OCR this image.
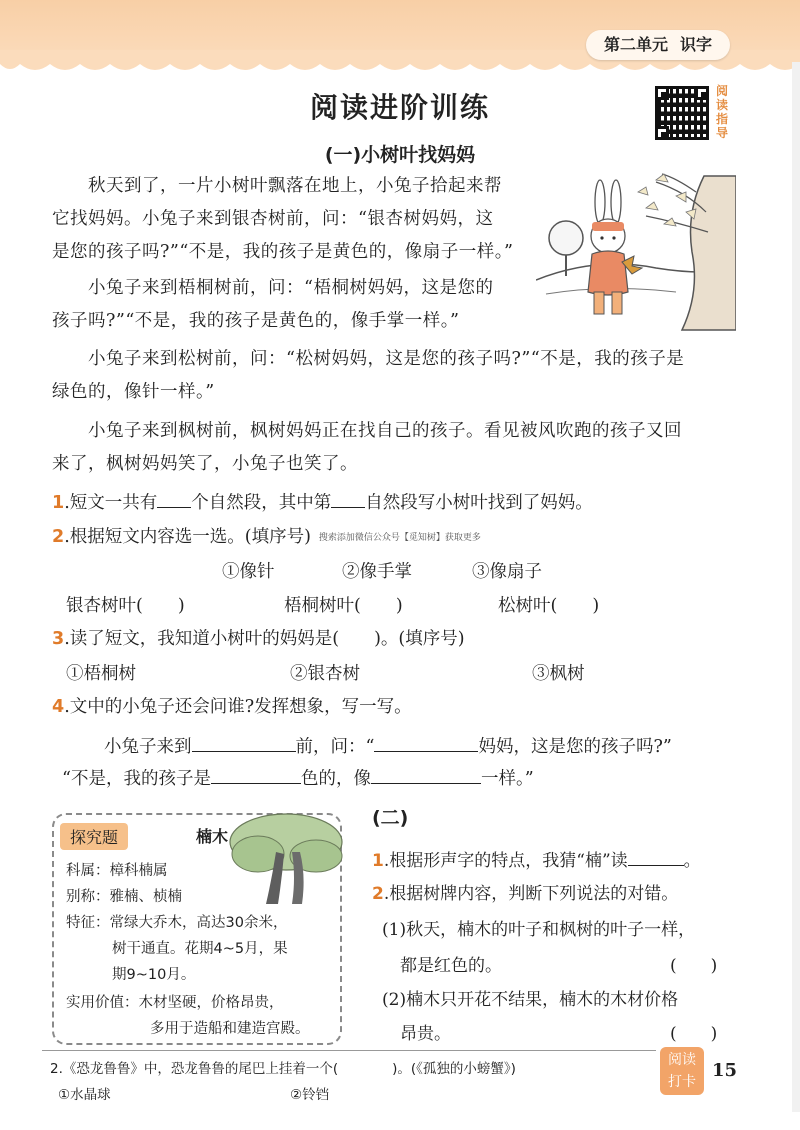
第二单元 识字
阅读进阶训练	阅读指导
(一)小树叶找妈妈
秋天到了，一片小树叶飘落在地上，小兔子拾起来帮
它找妈妈。小兔子来到银杏树前，问：“银杏树妈妈，这
是您的孩子吗?”“不是，我的孩子是黄色的，像扇子一样。”
小兔子来到梧桐树前，问：“梧桐树妈妈，这是您的
孩子吗?”“不是，我的孩子是黄色的，像手掌一样。”
小兔子来到松树前，问：“松树妈妈，这是您的孩子吗?”“不是，我的孩子是
绿色的，像针一样。”
小兔子来到枫树前，枫树妈妈正在找自己的孩子。看见被风吹跑的孩子又回
来了，枫树妈妈笑了，小兔子也笑了。
1.短文一共有 个自然段，其中第 自然段写小树叶找到了妈妈。
2.根据短文内容选一选。(填序号) 搜索添加微信公众号【觅知树】获取更多
①像针	②像手掌	③像扇子
银杏树叶(　　)	梧桐树叶(　　)	松树叶(　　)
3.读了短文，我知道小树叶的妈妈是(　　)。(填序号)
①梧桐树	②银杏树	③枫树
4.文中的小兔子还会问谁?发挥想象，写一写。
小兔子来到	前，问：“	妈妈，这是您的孩子吗?”
“不是，我的孩子是	色的，像	一样。”
探究题	楠木
科属：樟科楠属
别称：雅楠、桢楠
特征：常绿大乔木，高达30余米，
树干通直。花期4~5月，果
期9~10月。
实用价值：木材坚硬，价格昂贵，
多用于造船和建造宫殿。
(二)
1.根据形声字的特点，我猜“楠”读	。
2.根据树牌内容，判断下列说法的对错。
(1)秋天，楠木的叶子和枫树的叶子一样，
都是红色的。	(　　)
(2)楠木只开花不结果，楠木的木材价格
昂贵。	(　　)
2.《恐龙鲁鲁》中，恐龙鲁鲁的尾巴上挂着一个(　　　　)。(《孤独的小螃蟹》)
①水晶球	②铃铛
阅读
打卡
15
